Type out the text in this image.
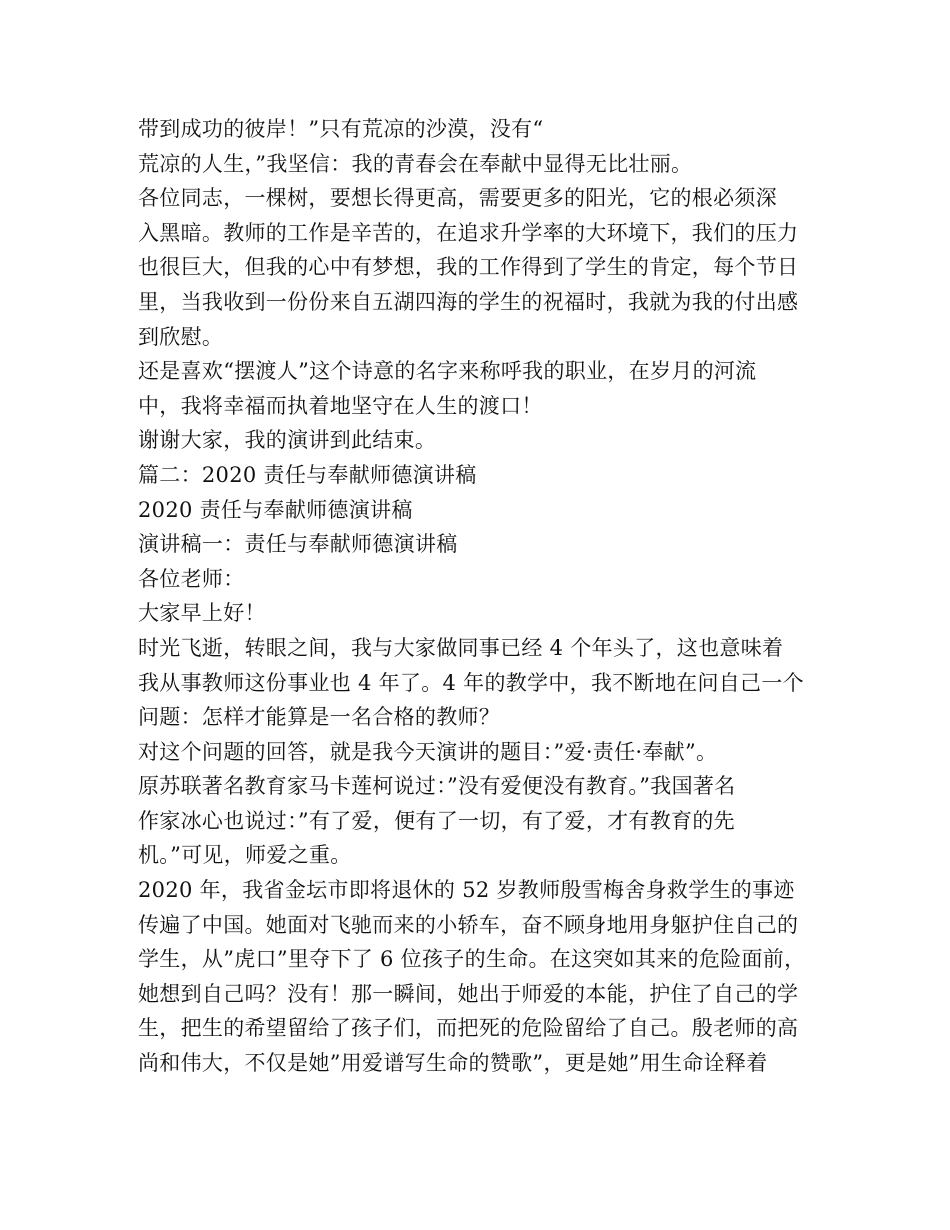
带到成功的彼岸！”只有荒凉的沙漠，没有“
荒凉的人生，”我坚信：我的青春会在奉献中显得无比壮丽。
各位同志，一棵树，要想长得更高，需要更多的阳光，它的根必须深
入黑暗。教师的工作是辛苦的，在追求升学率的大环境下，我们的压力
也很巨大，但我的心中有梦想，我的工作得到了学生的肯定，每个节日
里，当我收到一份份来自五湖四海的学生的祝福时，我就为我的付出感
到欣慰。
还是喜欢“摆渡人”这个诗意的名字来称呼我的职业，在岁月的河流
中，我将幸福而执着地坚守在人生的渡口！
谢谢大家，我的演讲到此结束。
篇二：2020 责任与奉献师德演讲稿
2020 责任与奉献师德演讲稿
演讲稿一：责任与奉献师德演讲稿
各位老师：
大家早上好！
时光飞逝，转眼之间，我与大家做同事已经 4 个年头了，这也意味着
我从事教师这份事业也 4 年了。4 年的教学中，我不断地在问自己一个
问题：怎样才能算是一名合格的教师？
对这个问题的回答，就是我今天演讲的题目：”爱·责任·奉献”。
原苏联著名教育家马卡莲柯说过：”没有爱便没有教育。”我国著名
作家冰心也说过：”有了爱，便有了一切，有了爱，才有教育的先
机。”可见，师爱之重。
2020 年，我省金坛市即将退休的 52 岁教师殷雪梅舍身救学生的事迹
传遍了中国。她面对飞驰而来的小轿车，奋不顾身地用身躯护住自己的
学生，从”虎口”里夺下了 6 位孩子的生命。在这突如其来的危险面前，
她想到自己吗？没有！那一瞬间，她出于师爱的本能，护住了自己的学
生，把生的希望留给了孩子们，而把死的危险留给了自己。殷老师的高
尚和伟大，不仅是她”用爱谱写生命的赞歌”，更是她”用生命诠释着
